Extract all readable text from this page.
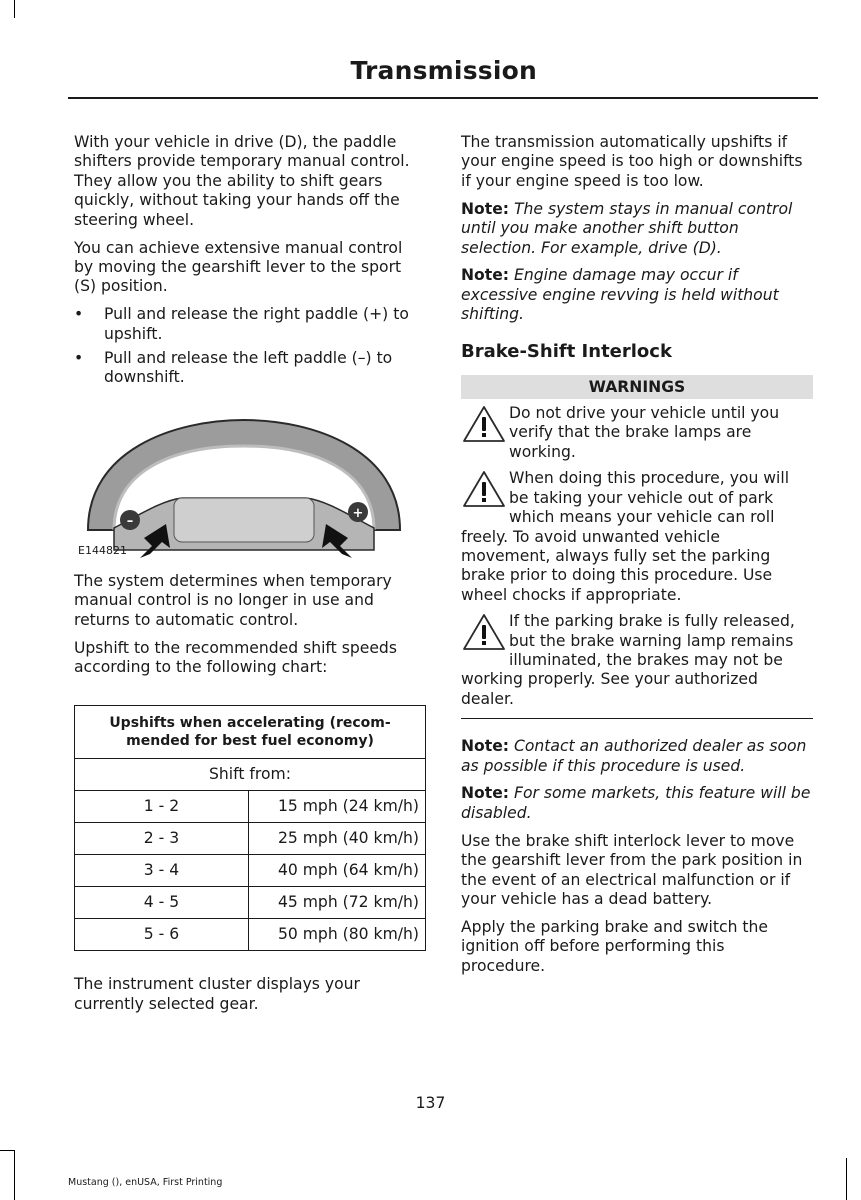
Transmission

With your vehicle in drive (D), the paddle shifters provide temporary manual control. They allow you the ability to shift gears quickly, without taking your hands off the steering wheel.

You can achieve extensive manual control by moving the gearshift lever to the sport (S) position.

• Pull and release the right paddle (+) to upshift.
• Pull and release the left paddle (–) to downshift.
–
+
E144821

The system determines when temporary manual control is no longer in use and returns to automatic control.

Upshift to the recommended shift speeds according to the following chart:

Upshifts when accelerating (recom-mended for best fuel economy)	
Shift from:	
1 - 2	15 mph (24 km/h)
2 - 3	25 mph (40 km/h)
3 - 4	40 mph (64 km/h)
4 - 5	45 mph (72 km/h)
5 - 6	50 mph (80 km/h)

The instrument cluster displays your currently selected gear.

The transmission automatically upshifts if your engine speed is too high or downshifts if your engine speed is too low.

Note: The system stays in manual control until you make another shift button selection. For example, drive (D).

Note: Engine damage may occur if excessive engine revving is held without shifting.

Brake-Shift Interlock
WARNINGS
Do not drive your vehicle until you verify that the brake lamps are working.
When doing this procedure, you will be taking your vehicle out of park which means your vehicle can roll freely. To avoid unwanted vehicle movement, always fully set the parking brake prior to doing this procedure. Use wheel chocks if appropriate.
If the parking brake is fully released, but the brake warning lamp remains illuminated, the brakes may not be working properly. See your authorized dealer.

Note: Contact an authorized dealer as soon as possible if this procedure is used.

Note: For some markets, this feature will be disabled.

Use the brake shift interlock lever to move the gearshift lever from the park position in the event of an electrical malfunction or if your vehicle has a dead battery.

Apply the parking brake and switch the ignition off before performing this procedure.

137
Mustang (), enUSA, First Printing
